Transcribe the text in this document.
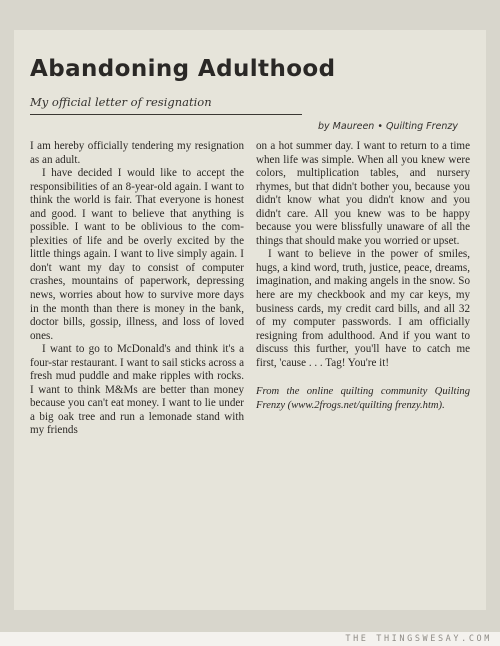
Abandoning Adulthood
My official letter of resignation
by Maureen • Quilting Frenzy

I am hereby officially tendering my resignation as an adult.

I have decided I would like to accept the responsibilities of an 8-year-old again. I want to think the world is fair. That everyone is honest and good. I want to believe that anything is possible. I want to be oblivious to the complexities of life and be overly excited by the little things again. I want to live simply again. I don't want my day to consist of computer crashes, mountains of paperwork, depressing news, worries about how to survive more days in the month than there is money in the bank, doctor bills, gossip, illness, and loss of loved ones.

I want to go to McDonald's and think it's a four-star restaurant. I want to sail sticks across a fresh mud puddle and make ripples with rocks. I want to think M&Ms are better than money because you can't eat money. I want to lie under a big oak tree and run a lemonade stand with my friends

on a hot summer day. I want to return to a time when life was simple. When all you knew were colors, multiplication tables, and nursery rhymes, but that didn't bother you, because you didn't know what you didn't know and you didn't care. All you knew was to be happy because you were blissfully unaware of all the things that should make you worried or upset.

I want to believe in the power of smiles, hugs, a kind word, truth, justice, peace, dreams, imagination, and making angels in the snow. So here are my checkbook and my car keys, my business cards, my credit card bills, and all 32 of my computer passwords. I am officially resigning from adulthood. And if you want to discuss this further, you'll have to catch me first, 'cause . . . Tag! You're it!

From the online quilting community Quilting Frenzy (www.2frogs.net/quilting frenzy.htm).

THE THINGSWESAY.COM
